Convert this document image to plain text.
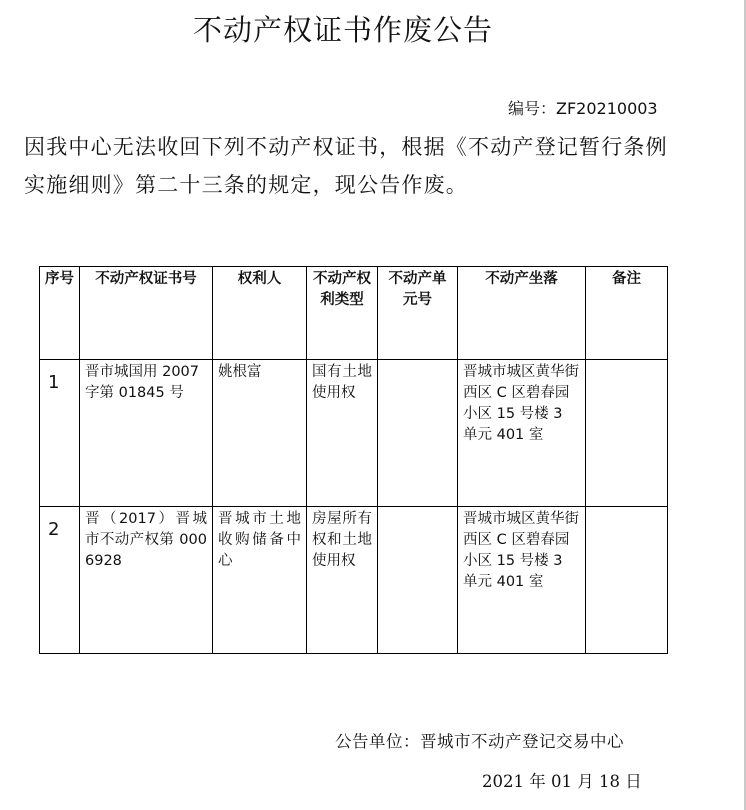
不动产权证书作废公告
编号：ZF20210003
因我中心无法收回下列不动产权证书，根据《不动产登记暂行条例实施细则》第二十三条的规定，现公告作废。
序号	不动产权证书号	权利人	不动产权利类型	不动产单元号	不动产坐落	备注
1	晋市城国用 2007 字第 01845 号	姚根富	国有土地使用权		晋城市城区黄华街西区 C 区碧春园小区 15 号楼 3 单元 401 室	
2	晋（2017）晋城市不动产权第 0006928	晋城市土地收购储备中心	房屋所有权和土地使用权		晋城市城区黄华街西区 C 区碧春园小区 15 号楼 3 单元 401 室	
公告单位：晋城市不动产登记交易中心
2021 年 01 月 18 日
